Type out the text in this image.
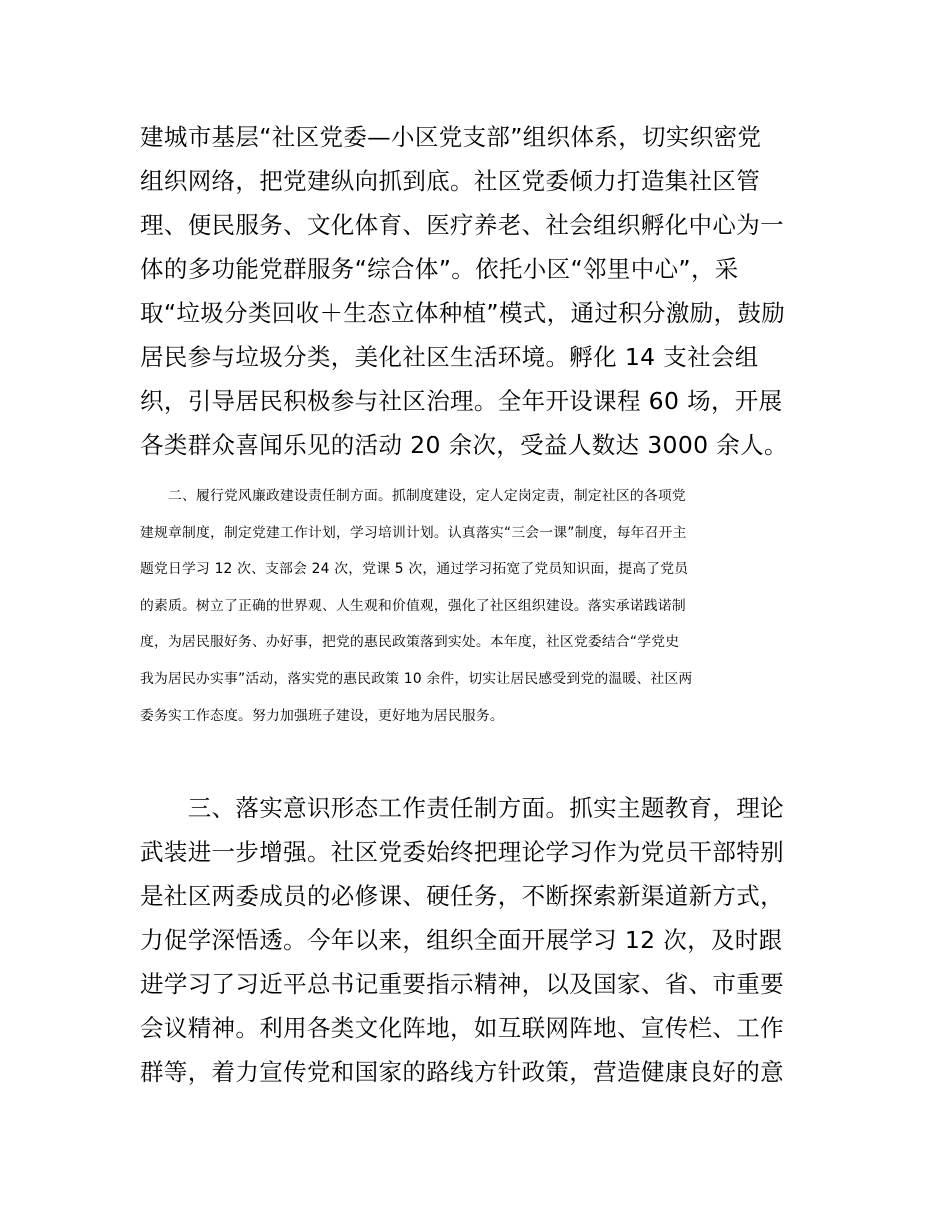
建城市基层“社区党委—小区党支部”组织体系，切实织密党
组织网络，把党建纵向抓到底。社区党委倾力打造集社区管
理、便民服务、文化体育、医疗养老、社会组织孵化中心为一
体的多功能党群服务“综合体”。依托小区“邻里中心”，采
取“垃圾分类回收＋生态立体种植”模式，通过积分激励，鼓励
居民参与垃圾分类，美化社区生活环境。孵化 14 支社会组
织，引导居民积极参与社区治理。全年开设课程 60 场，开展
各类群众喜闻乐见的活动 20 余次，受益人数达 3000 余人。
　　二、履行党风廉政建设责任制方面。抓制度建设，定人定岗定责，制定社区的各项党
建规章制度，制定党建工作计划，学习培训计划。认真落实“三会一课”制度，每年召开主
题党日学习 12 次、支部会 24 次，党课 5 次，通过学习拓宽了党员知识面，提高了党员
的素质。树立了正确的世界观、人生观和价值观，强化了社区组织建设。落实承诺践诺制
度，为居民服好务、办好事，把党的惠民政策落到实处。本年度，社区党委结合“学党史
我为居民办实事”活动，落实党的惠民政策 10 余件，切实让居民感受到党的温暖、社区两
委务实工作态度。努力加强班子建设，更好地为居民服务。
　　三、落实意识形态工作责任制方面。抓实主题教育，理论
武装进一步增强。社区党委始终把理论学习作为党员干部特别
是社区两委成员的必修课、硬任务，不断探索新渠道新方式，
力促学深悟透。今年以来，组织全面开展学习 12 次，及时跟
进学习了习近平总书记重要指示精神，以及国家、省、市重要
会议精神。利用各类文化阵地，如互联网阵地、宣传栏、工作
群等，着力宣传党和国家的路线方针政策，营造健康良好的意
